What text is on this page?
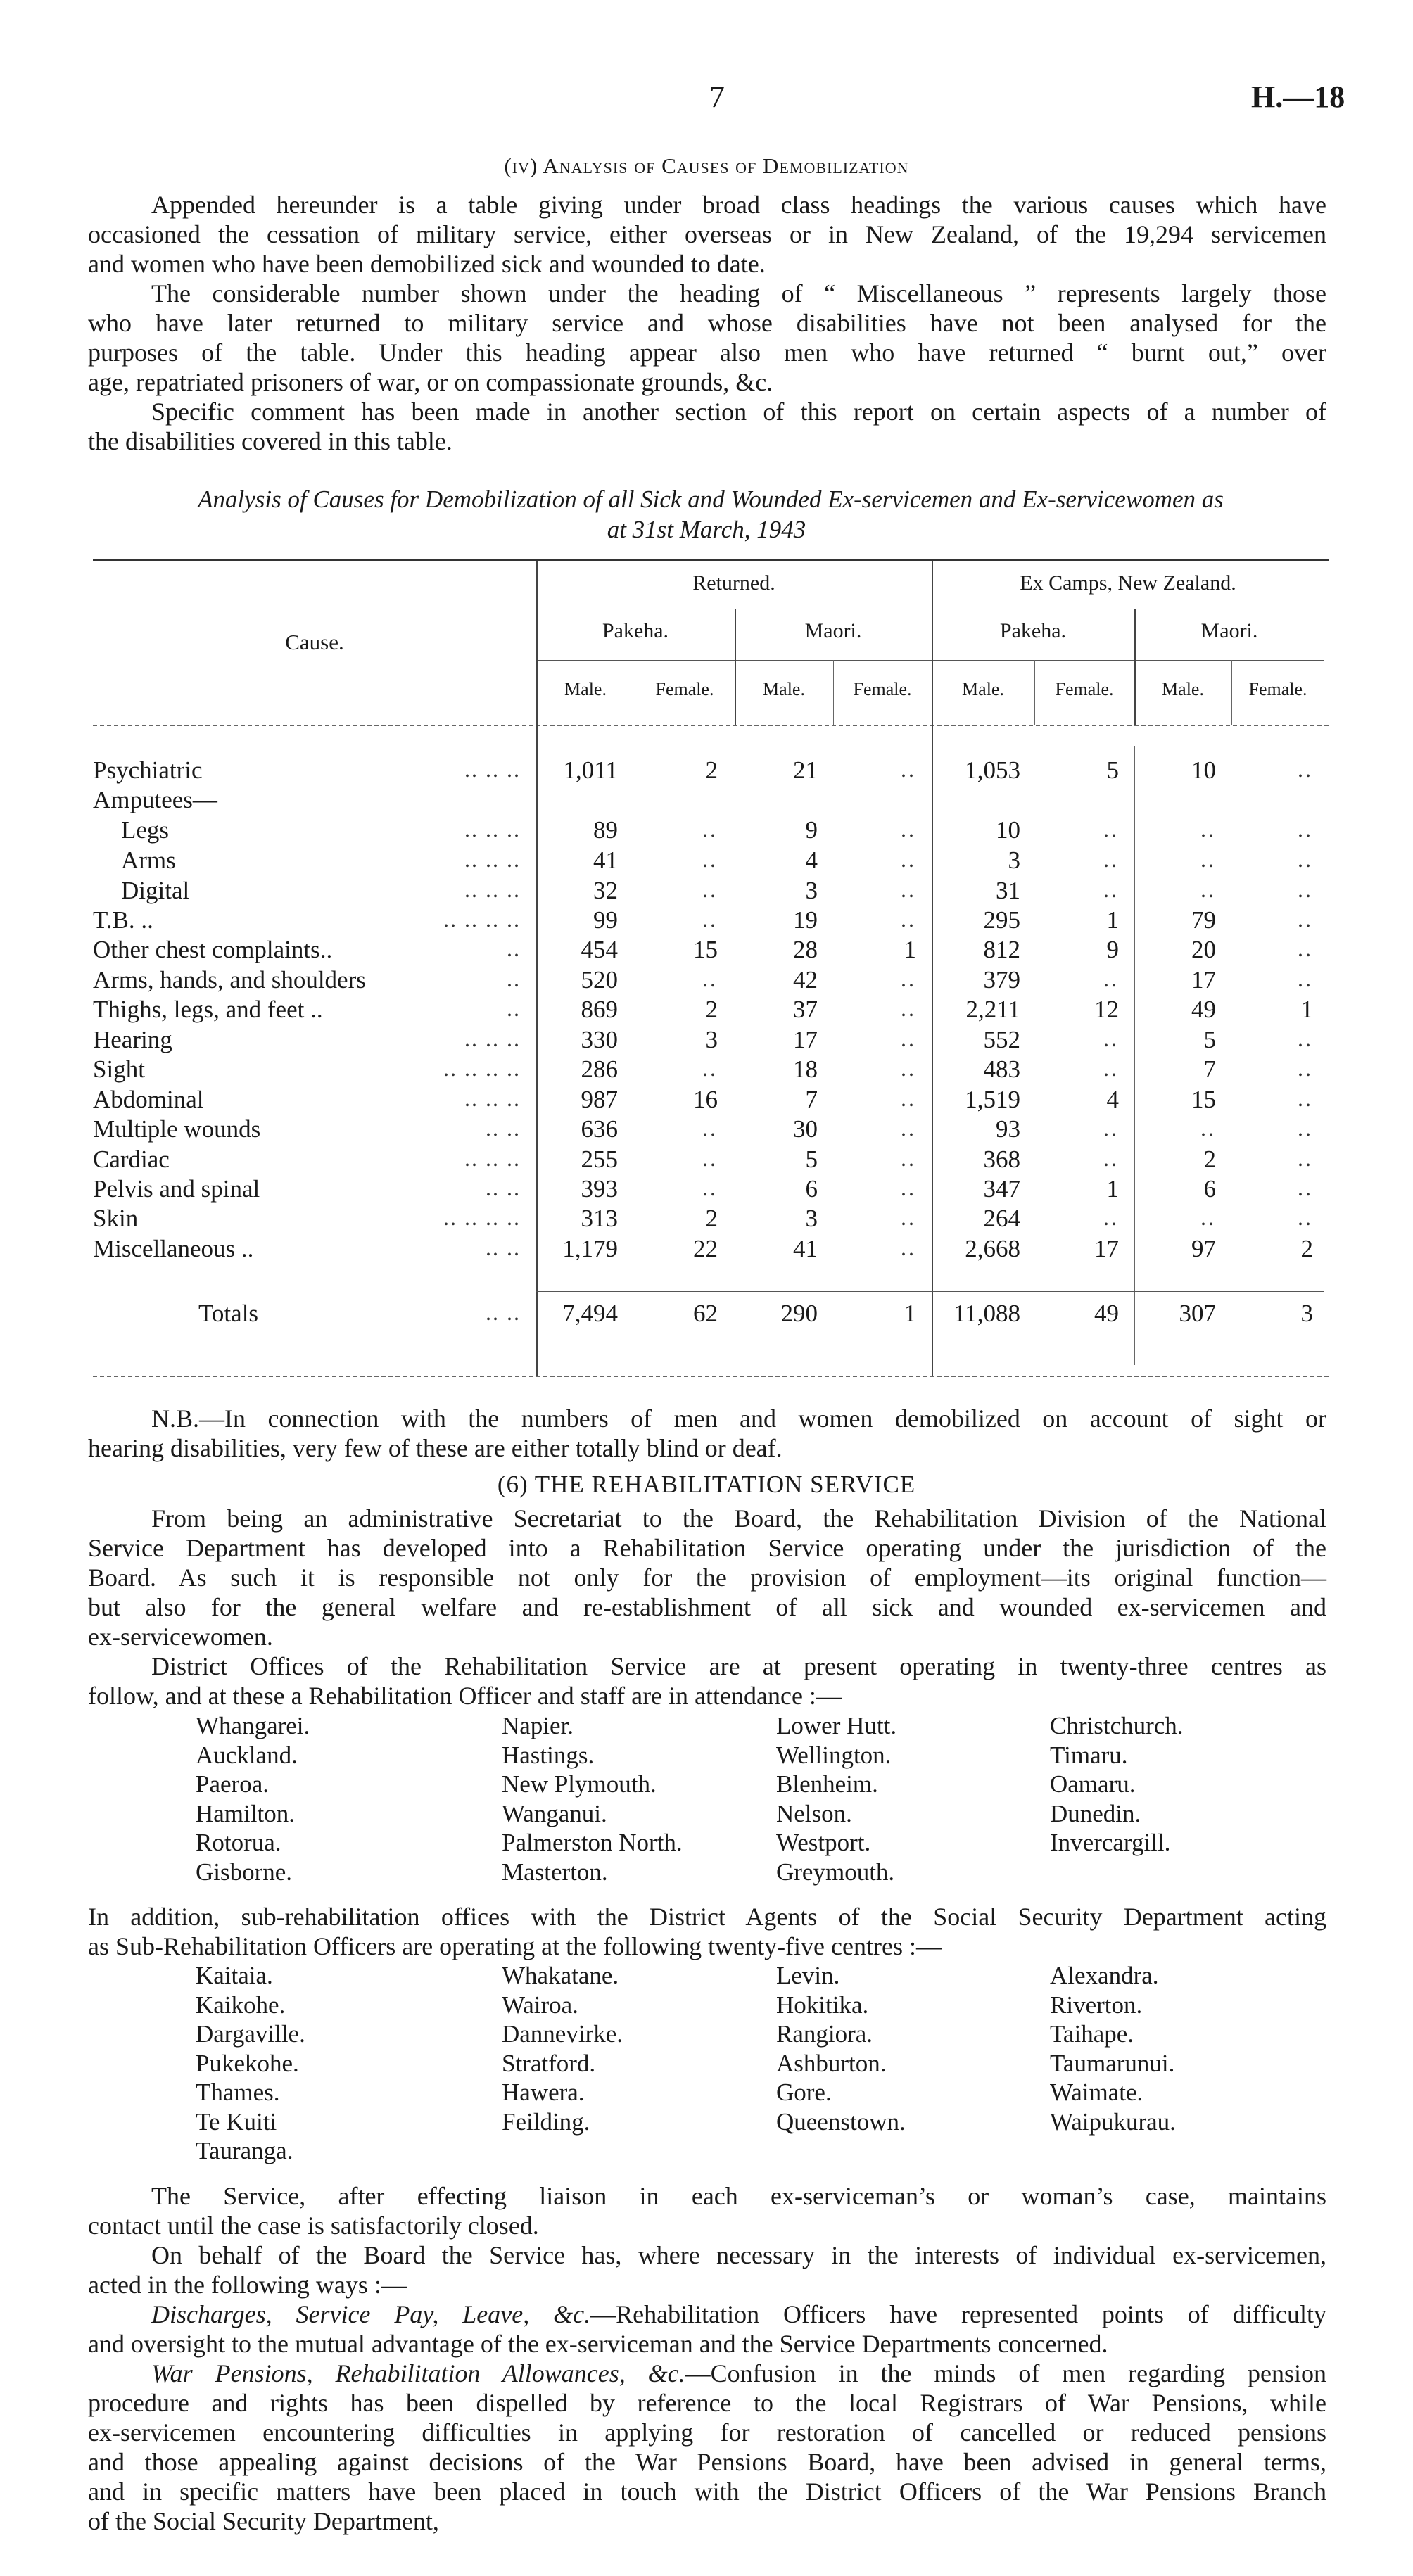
7	H.—18
(iv) Analysis of Causes of Demobilization
Appended hereunder is a table giving under broad class headings the various causes which have
occasioned the cessation of military service, either overseas or in New Zealand, of the 19,294 servicemen
and women who have been demobilized sick and wounded to date.
The considerable number shown under the heading of “ Miscellaneous ” represents largely those
who have later returned to military service and whose disabilities have not been analysed for the
purposes of the table. Under this heading appear also men who have returned “ burnt out,” over
age, repatriated prisoners of war, or on compassionate grounds, &c.
Specific comment has been made in another section of this report on certain aspects of a number of
the disabilities covered in this table.
Analysis of Causes for Demobilization of all Sick and Wounded Ex-servicemen and Ex-servicewomen as
at 31st March, 1943
Cause.
Returned.	Ex Camps, New Zealand.
Pakeha.	Maori.	Pakeha.	Maori.
Male.	Female.	Male.	Female.	Male.	Female.	Male.	Female.
Psychiatric	.. .. ..	1,011	2	21	..	1,053	5	10	..
Amputees—
Legs	.. .. ..	89	..	9	..	10	..	..	..
Arms	.. .. ..	41	..	4	..	3	..	..	..
Digital	.. .. ..	32	..	3	..	31	..	..	..
T.B. ..	.. .. .. ..	99	..	19	..	295	1	79	..
Other chest complaints..	..	454	15	28	1	812	9	20	..
Arms, hands, and shoulders	..	520	..	42	..	379	..	17	..
Thighs, legs, and feet ..	..	869	2	37	..	2,211	12	49	1
Hearing	.. .. ..	330	3	17	..	552	..	5	..
Sight	.. .. .. ..	286	..	18	..	483	..	7	..
Abdominal	.. .. ..	987	16	7	..	1,519	4	15	..
Multiple wounds	.. ..	636	..	30	..	93	..	..	..
Cardiac	.. .. ..	255	..	5	..	368	..	2	..
Pelvis and spinal	.. ..	393	..	6	..	347	1	6	..
Skin	.. .. .. ..	313	2	3	..	264	..	..	..
Miscellaneous ..	.. ..	1,179	22	41	..	2,668	17	97	2
Totals	.. ..	7,494	62	290	1	11,088	49	307	3
N.B.—In connection with the numbers of men and women demobilized on account of sight or
hearing disabilities, very few of these are either totally blind or deaf.
(6) THE REHABILITATION SERVICE
From being an administrative Secretariat to the Board, the Rehabilitation Division of the National
Service Department has developed into a Rehabilitation Service operating under the jurisdiction of the
Board. As such it is responsible not only for the provision of employment—its original function—
but also for the general welfare and re-establishment of all sick and wounded ex-servicemen and
ex-servicewomen.
District Offices of the Rehabilitation Service are at present operating in twenty-three centres as
follow, and at these a Rehabilitation Officer and staff are in attendance :—
Whangarei.
Auckland.
Paeroa.
Hamilton.
Rotorua.
Gisborne.
Napier.
Hastings.
New Plymouth.
Wanganui.
Palmerston North.
Masterton.
Lower Hutt.
Wellington.
Blenheim.
Nelson.
Westport.
Greymouth.
Christchurch.
Timaru.
Oamaru.
Dunedin.
Invercargill.
In addition, sub-rehabilitation offices with the District Agents of the Social Security Department acting
as Sub-Rehabilitation Officers are operating at the following twenty-five centres :—
Kaitaia.
Kaikohe.
Dargaville.
Pukekohe.
Thames.
Te Kuiti
Tauranga.
Whakatane.
Wairoa.
Dannevirke.
Stratford.
Hawera.
Feilding.
Levin.
Hokitika.
Rangiora.
Ashburton.
Gore.
Queenstown.
Alexandra.
Riverton.
Taihape.
Taumarunui.
Waimate.
Waipukurau.
The Service, after effecting liaison in each ex-serviceman’s or woman’s case, maintains
contact until the case is satisfactorily closed.
On behalf of the Board the Service has, where necessary in the interests of individual ex-servicemen,
acted in the following ways :—
Discharges, Service Pay, Leave, &c.—Rehabilitation Officers have represented points of difficulty
and oversight to the mutual advantage of the ex-serviceman and the Service Departments concerned.
War Pensions, Rehabilitation Allowances, &c.—Confusion in the minds of men regarding pension
procedure and rights has been dispelled by reference to the local Registrars of War Pensions, while
ex-servicemen encountering difficulties in applying for restoration of cancelled or reduced pensions
and those appealing against decisions of the War Pensions Board, have been advised in general terms,
and in specific matters have been placed in touch with the District Officers of the War Pensions Branch
of the Social Security Department,
